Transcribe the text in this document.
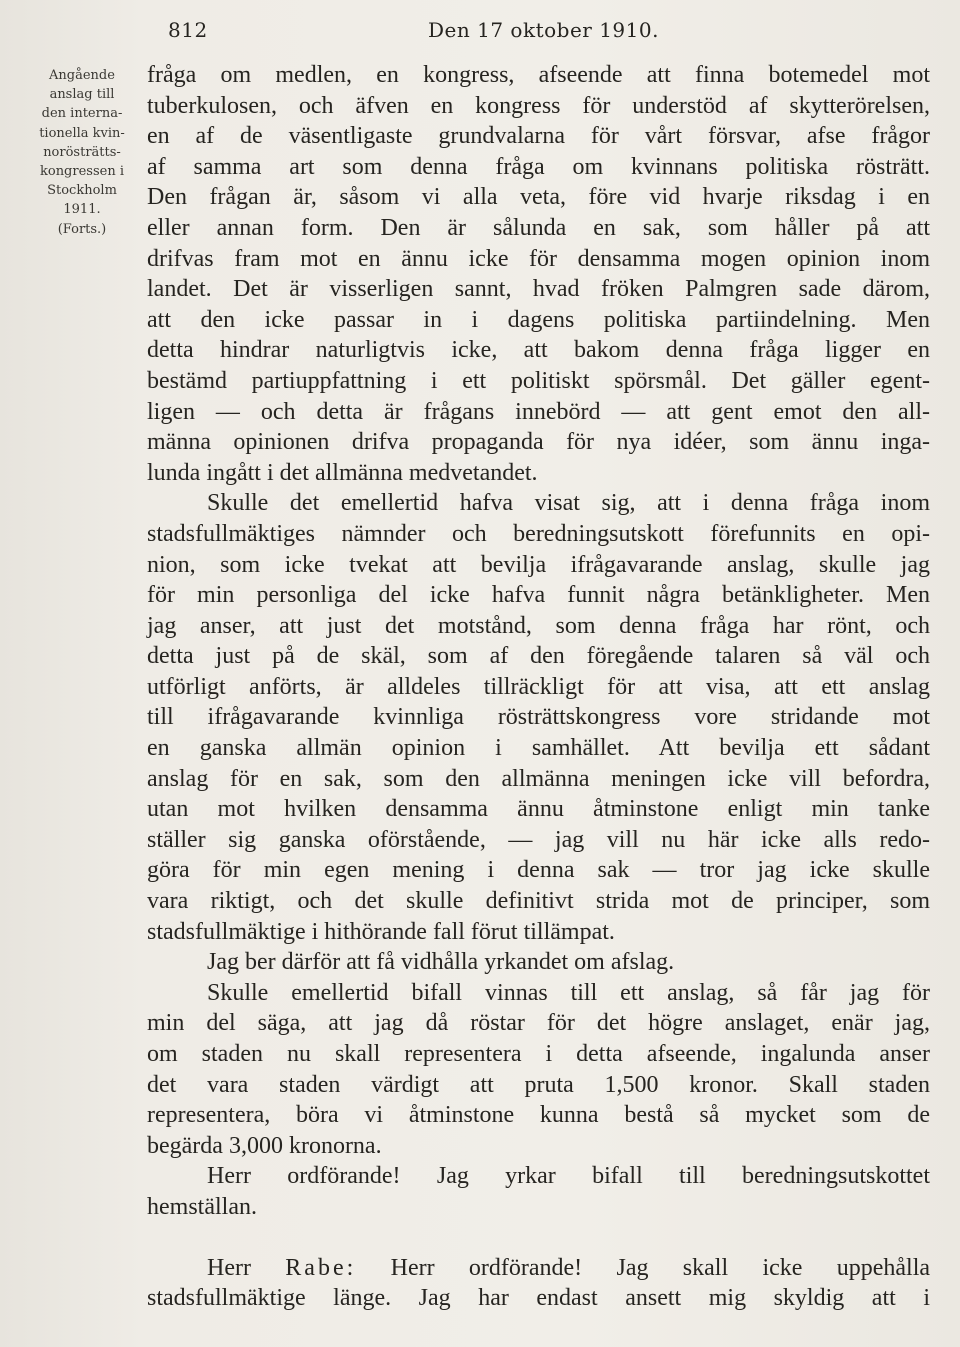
812	Den 17 oktober 1910.
Angående
anslag till
den interna-
tionella kvin-
norösträtts-
kongressen i
Stockholm
1911.
(Forts.)
fråga om medlen, en kongress, afseende att finna botemedel mot
tuberkulosen, och äfven en kongress för understöd af skytterörelsen,
en af de väsentligaste grundvalarna för vårt försvar, afse frågor
af samma art som denna fråga om kvinnans politiska rösträtt.
Den frågan är, såsom vi alla veta, före vid hvarje riksdag i en
eller annan form. Den är sålunda en sak, som håller på att
drifvas fram mot en ännu icke för densamma mogen opinion inom
landet. Det är visserligen sannt, hvad fröken Palmgren sade därom,
att den icke passar in i dagens politiska partiindelning. Men
detta hindrar naturligtvis icke, att bakom denna fråga ligger en
bestämd partiuppfattning i ett politiskt spörsmål. Det gäller egent-
ligen — och detta är frågans innebörd — att gent emot den all-
männa opinionen drifva propaganda för nya idéer, som ännu inga-
lunda ingått i det allmänna medvetandet.
Skulle det emellertid hafva visat sig, att i denna fråga inom
stadsfullmäktiges nämnder och beredningsutskott förefunnits en opi-
nion, som icke tvekat att bevilja ifrågavarande anslag, skulle jag
för min personliga del icke hafva funnit några betänkligheter. Men
jag anser, att just det motstånd, som denna fråga har rönt, och
detta just på de skäl, som af den föregående talaren så väl och
utförligt anförts, är alldeles tillräckligt för att visa, att ett anslag
till ifrågavarande kvinnliga rösträttskongress vore stridande mot
en ganska allmän opinion i samhället. Att bevilja ett sådant
anslag för en sak, som den allmänna meningen icke vill befordra,
utan mot hvilken densamma ännu åtminstone enligt min tanke
ställer sig ganska oförstående, — jag vill nu här icke alls redo-
göra för min egen mening i denna sak — tror jag icke skulle
vara riktigt, och det skulle definitivt strida mot de principer, som
stadsfullmäktige i hithörande fall förut tillämpat.
Jag ber därför att få vidhålla yrkandet om afslag.
Skulle emellertid bifall vinnas till ett anslag, så får jag för
min del säga, att jag då röstar för det högre anslaget, enär jag,
om staden nu skall representera i detta afseende, ingalunda anser
det vara staden värdigt att pruta 1,500 kronor. Skall staden
representera, böra vi åtminstone kunna bestå så mycket som de
begärda 3,000 kronorna.
Herr ordförande! Jag yrkar bifall till beredningsutskottet
hemställan.
Herr Rabe: Herr ordförande! Jag skall icke uppehålla
stadsfullmäktige länge. Jag har endast ansett mig skyldig att i
